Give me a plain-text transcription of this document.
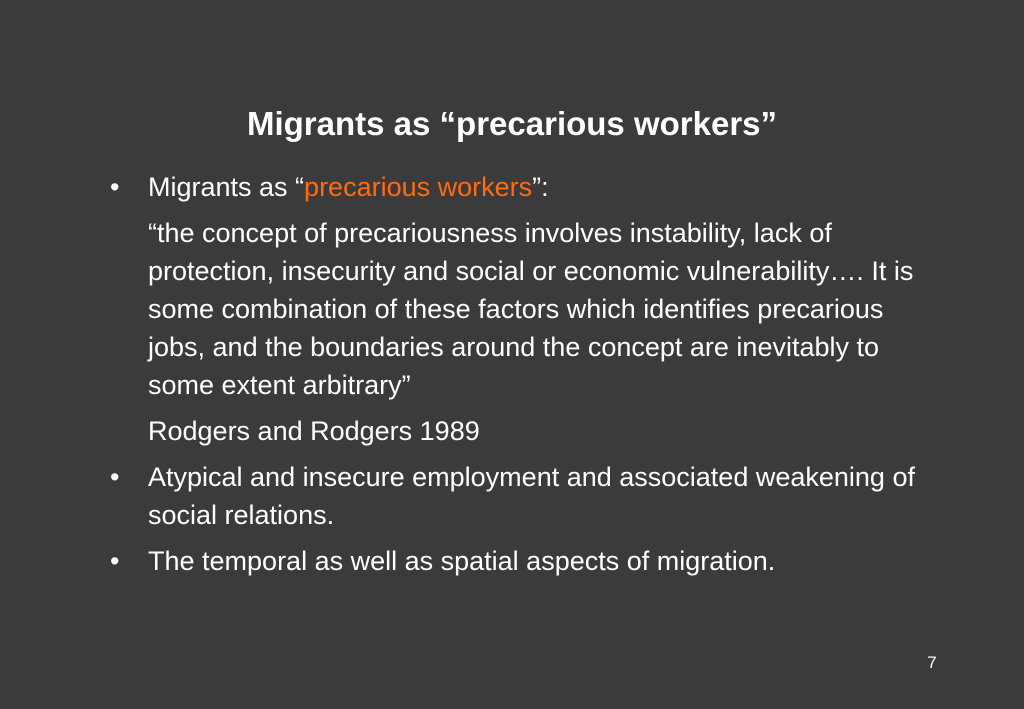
Migrants as “precarious workers”

•	Migrants as “precarious workers”:

“the concept of precariousness involves instability, lack of protection, insecurity and social or economic vulnerability…. It is some combination of these factors which identifies precarious jobs, and the boundaries around the concept are inevitably to some extent arbitrary”

Rodgers and Rodgers 1989

•	Atypical and insecure employment and associated weakening of social relations.

•	The temporal as well as spatial aspects of migration.

7
